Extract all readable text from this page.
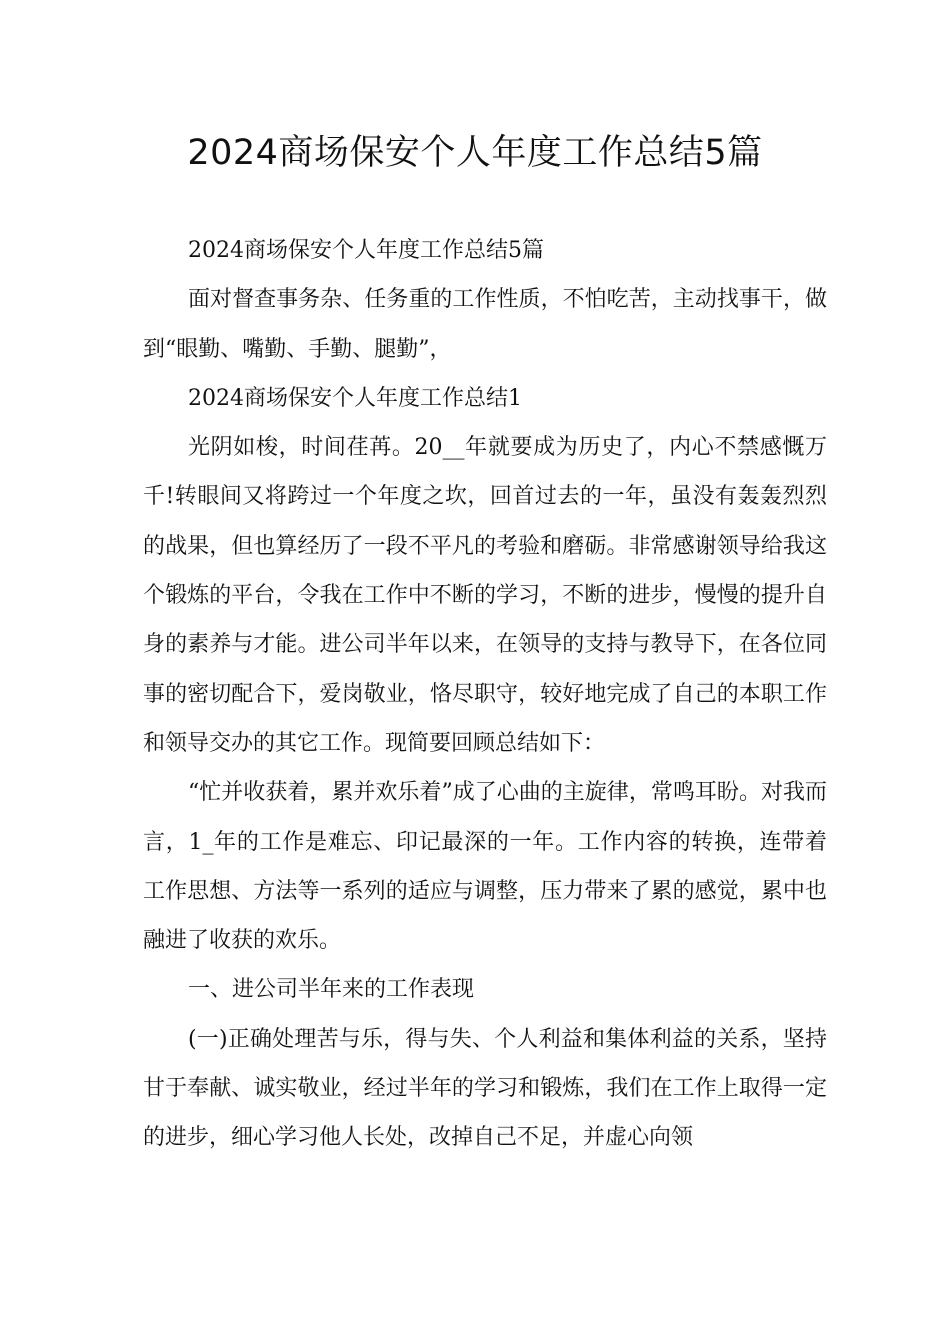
2024商场保安个人年度工作总结5篇

2024商场保安个人年度工作总结5篇

面对督查事务杂、任务重的工作性质，不怕吃苦，主动找事干，做到“眼勤、嘴勤、手勤、腿勤”，

2024商场保安个人年度工作总结1

光阴如梭，时间荏苒。20__年就要成为历史了，内心不禁感慨万千!转眼间又将跨过一个年度之坎，回首过去的一年，虽没有轰轰烈烈的战果，但也算经历了一段不平凡的考验和磨砺。非常感谢领导给我这个锻炼的平台，令我在工作中不断的学习，不断的进步，慢慢的提升自身的素养与才能。进公司半年以来，在领导的支持与教导下，在各位同事的密切配合下，爱岗敬业，恪尽职守，较好地完成了自己的本职工作和领导交办的其它工作。现简要回顾总结如下：

“忙并收获着，累并欢乐着”成了心曲的主旋律，常鸣耳盼。对我而言，1_年的工作是难忘、印记最深的一年。工作内容的转换，连带着工作思想、方法等一系列的适应与调整，压力带来了累的感觉，累中也融进了收获的欢乐。

一、进公司半年来的工作表现

(一)正确处理苦与乐，得与失、个人利益和集体利益的关系，坚持甘于奉献、诚实敬业，经过半年的学习和锻炼，我们在工作上取得一定的进步，细心学习他人长处，改掉自己不足，并虚心向领
